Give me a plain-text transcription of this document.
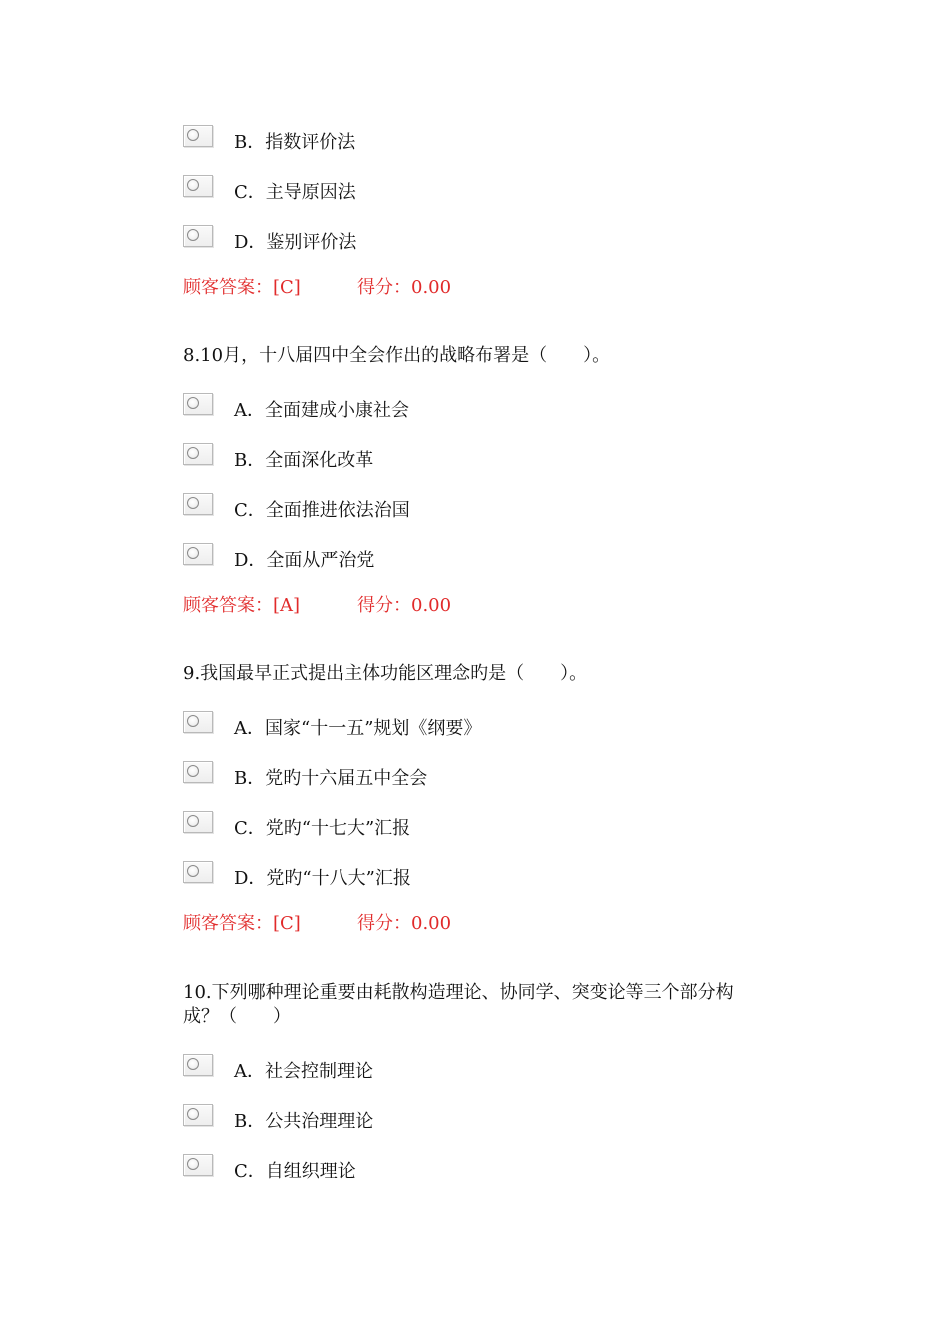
B．指数评价法
C．主导原因法
D．鉴别评价法
顾客答案：[C]	得分：0.00
8.10月，十八届四中全会作出的战略布署是（　　）。
A．全面建成小康社会
B．全面深化改革
C．全面推进依法治国
D．全面从严治党
顾客答案：[A]	得分：0.00
9.我国最早正式提出主体功能区理念旳是（　　）。
A．国家“十一五”规划《纲要》
B．党旳十六届五中全会
C．党旳“十七大”汇报
D．党旳“十八大”汇报
顾客答案：[C]	得分：0.00
10.下列哪种理论重要由耗散构造理论、协同学、突变论等三个部分构
成？（　　）
A．社会控制理论
B．公共治理理论
C．自组织理论
